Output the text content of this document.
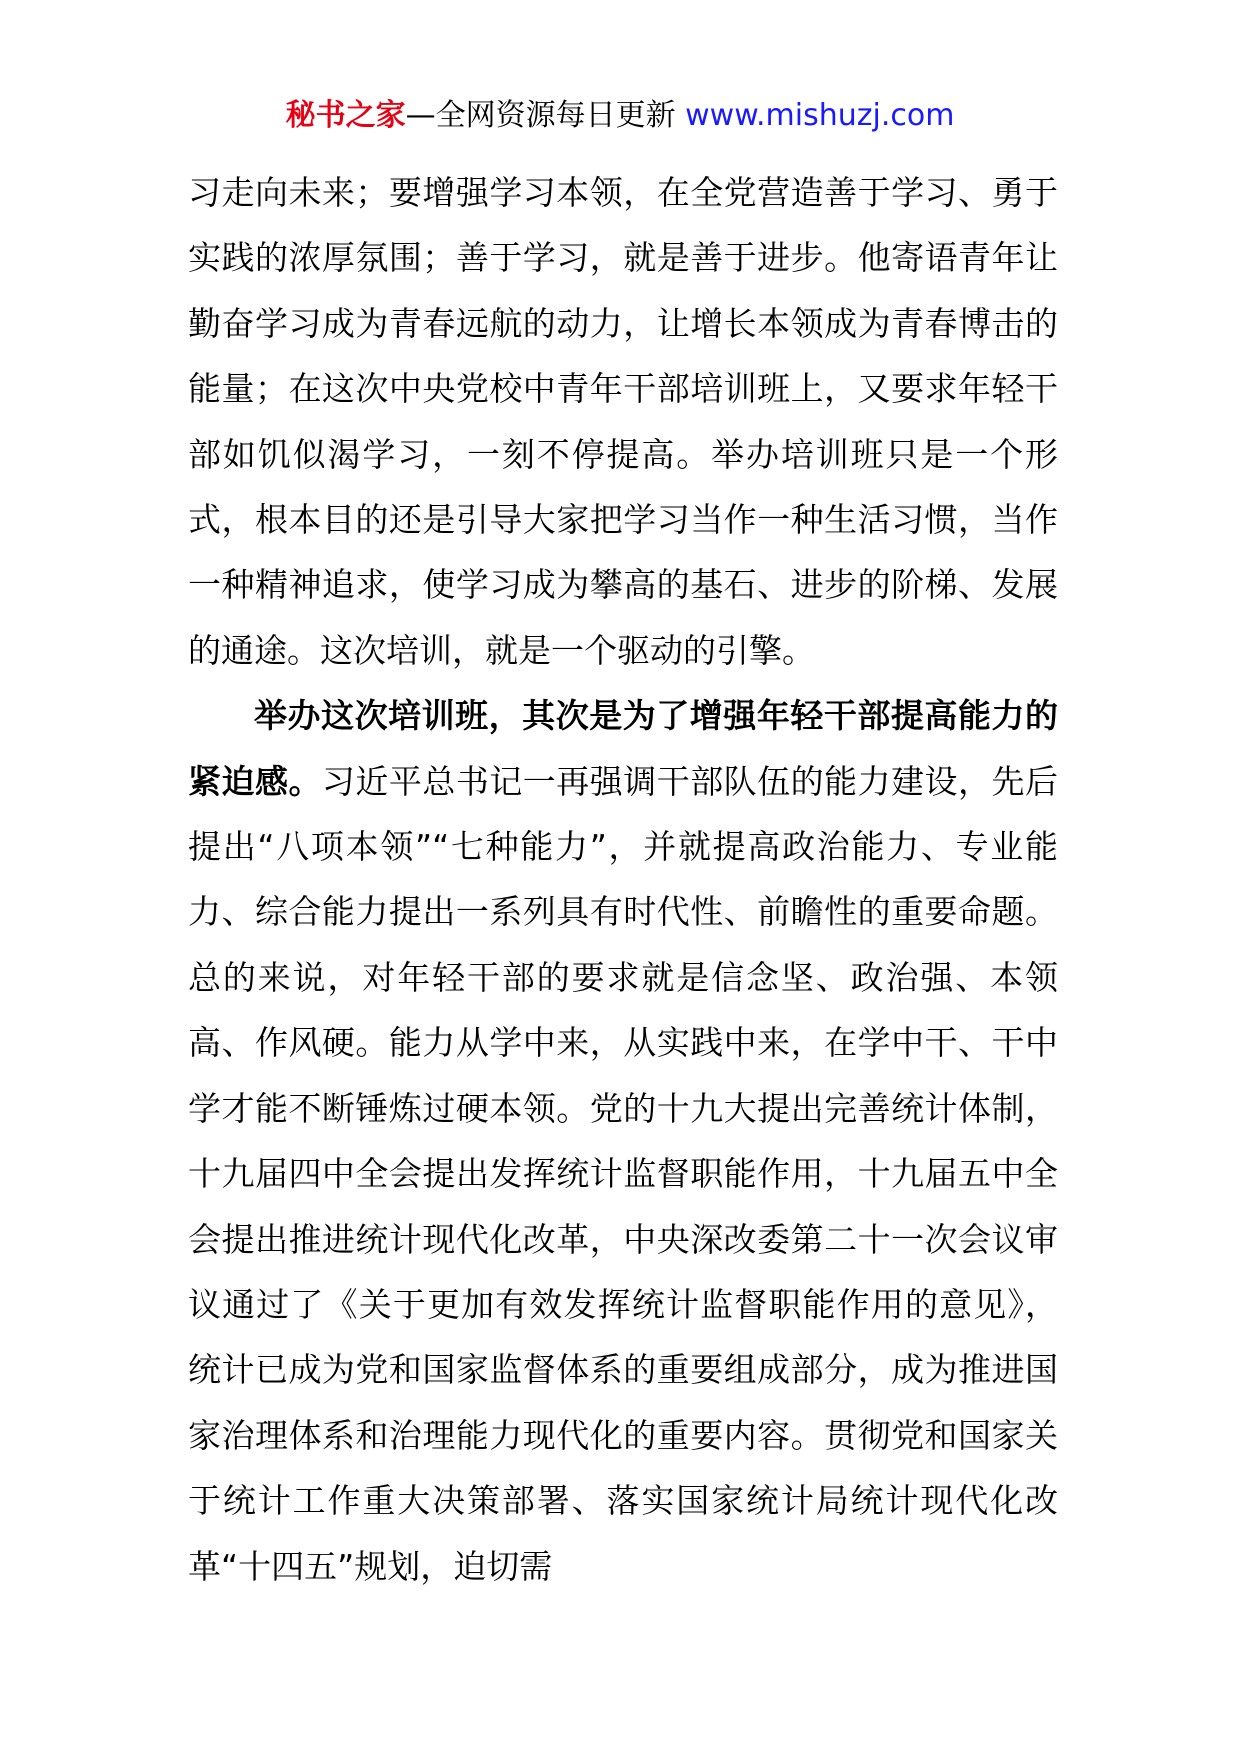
秘书之家—全网资源每日更新 www.mishuzj.com

习走向未来；要增强学习本领，在全党营造善于学习、勇于实践的浓厚氛围；善于学习，就是善于进步。他寄语青年让勤奋学习成为青春远航的动力，让增长本领成为青春博击的能量；在这次中央党校中青年干部培训班上，又要求年轻干部如饥似渴学习，一刻不停提高。举办培训班只是一个形式，根本目的还是引导大家把学习当作一种生活习惯，当作一种精神追求，使学习成为攀高的基石、进步的阶梯、发展的通途。这次培训，就是一个驱动的引擎。

举办这次培训班，其次是为了增强年轻干部提高能力的紧迫感。习近平总书记一再强调干部队伍的能力建设，先后提出“八项本领”“七种能力”，并就提高政治能力、专业能力、综合能力提出一系列具有时代性、前瞻性的重要命题。总的来说，对年轻干部的要求就是信念坚、政治强、本领高、作风硬。能力从学中来，从实践中来，在学中干、干中学才能不断锤炼过硬本领。党的十九大提出完善统计体制，十九届四中全会提出发挥统计监督职能作用，十九届五中全会提出推进统计现代化改革，中央深改委第二十一次会议审议通过了《关于更加有效发挥统计监督职能作用的意见》，统计已成为党和国家监督体系的重要组成部分，成为推进国家治理体系和治理能力现代化的重要内容。贯彻党和国家关于统计工作重大决策部署、落实国家统计局统计现代化改革“十四五”规划，迫切需
